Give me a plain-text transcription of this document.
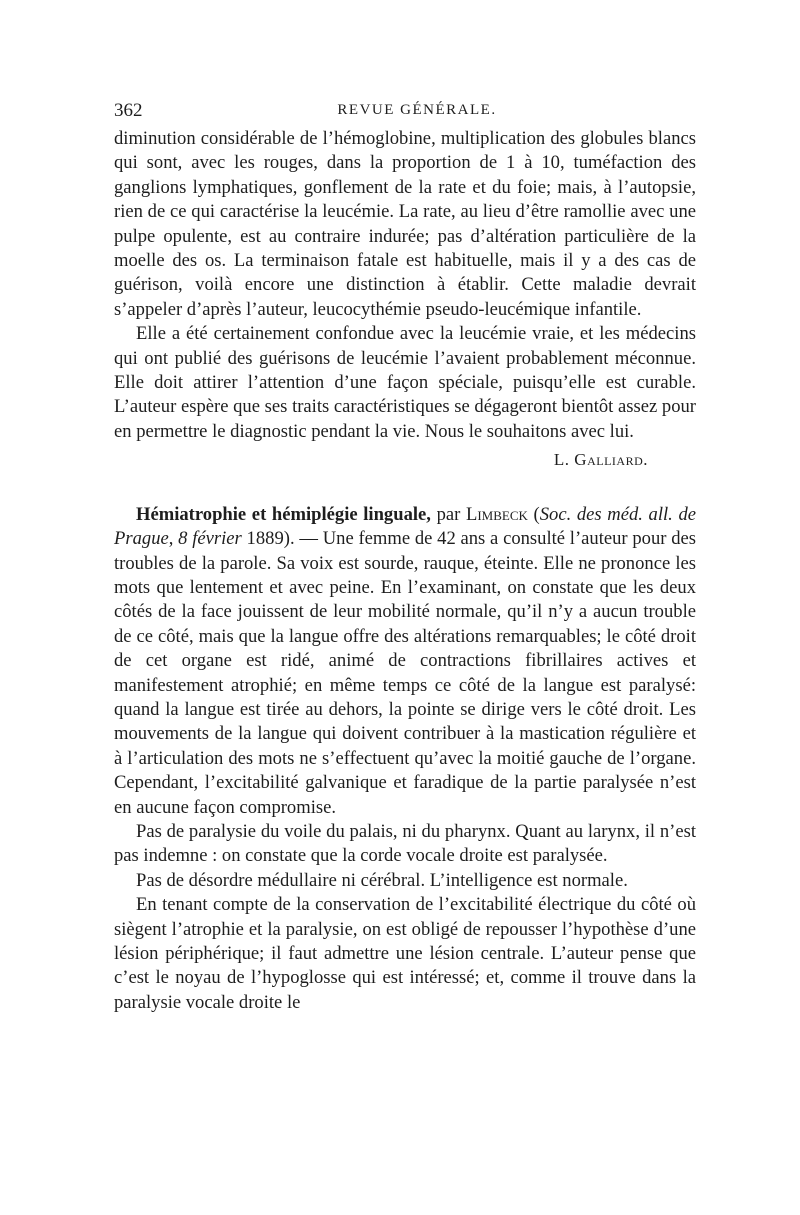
362	REVUE GÉNÉRALE.

diminution considérable de l’hémoglobine, multiplication des globules blancs qui sont, avec les rouges, dans la proportion de 1 à 10, tuméfaction des ganglions lymphatiques, gonflement de la rate et du foie; mais, à l’autopsie, rien de ce qui caractérise la leucémie. La rate, au lieu d’être ramollie avec une pulpe opulente, est au contraire indurée; pas d’altération particulière de la moelle des os. La terminaison fatale est habituelle, mais il y a des cas de guérison, voilà encore une distinction à établir. Cette maladie devrait s’appeler d’après l’auteur, leucocythémie pseudo-leucémique infantile.

Elle a été certainement confondue avec la leucémie vraie, et les médecins qui ont publié des guérisons de leucémie l’avaient probablement méconnue. Elle doit attirer l’attention d’une façon spéciale, puisqu’elle est curable. L’auteur espère que ses traits caractéristiques se dégageront bientôt assez pour en permettre le diagnostic pendant la vie. Nous le souhaitons avec lui.

L. Galliard.

Hémiatrophie et hémiplégie linguale, par Limbeck (Soc. des méd. all. de Prague, 8 février 1889). — Une femme de 42 ans a consulté l’auteur pour des troubles de la parole. Sa voix est sourde, rauque, éteinte. Elle ne prononce les mots que lentement et avec peine. En l’examinant, on constate que les deux côtés de la face jouissent de leur mobilité normale, qu’il n’y a aucun trouble de ce côté, mais que la langue offre des altérations remarquables; le côté droit de cet organe est ridé, animé de contractions fibrillaires actives et manifestement atrophié; en même temps ce côté de la langue est paralysé: quand la langue est tirée au dehors, la pointe se dirige vers le côté droit. Les mouvements de la langue qui doivent contribuer à la mastication régulière et à l’articulation des mots ne s’effectuent qu’avec la moitié gauche de l’organe. Cependant, l’excitabilité galvanique et faradique de la partie paralysée n’est en aucune façon compromise.

Pas de paralysie du voile du palais, ni du pharynx. Quant au larynx, il n’est pas indemne : on constate que la corde vocale droite est paralysée.

Pas de désordre médullaire ni cérébral. L’intelligence est normale.

En tenant compte de la conservation de l’excitabilité électrique du côté où siègent l’atrophie et la paralysie, on est obligé de repousser l’hypothèse d’une lésion périphérique; il faut admettre une lésion centrale. L’auteur pense que c’est le noyau de l’hypoglosse qui est intéressé; et, comme il trouve dans la paralysie vocale droite le
